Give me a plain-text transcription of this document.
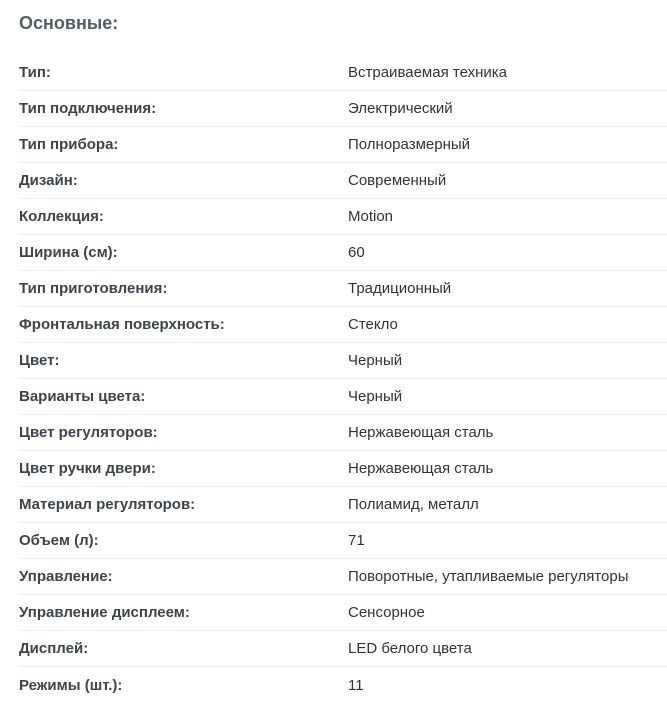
Основные:
Тип:	Встраиваемая техника
Тип подключения:	Электрический
Тип прибора:	Полноразмерный
Дизайн:	Современный
Коллекция:	Motion
Ширина (см):	60
Тип приготовления:	Традиционный
Фронтальная поверхность:	Стекло
Цвет:	Черный
Варианты цвета:	Черный
Цвет регуляторов:	Нержавеющая сталь
Цвет ручки двери:	Нержавеющая сталь
Материал регуляторов:	Полиамид, металл
Объем (л):	71
Управление:	Поворотные, утапливаемые регуляторы
Управление дисплеем:	Сенсорное
Дисплей:	LED белого цвета
Режимы (шт.):	11
